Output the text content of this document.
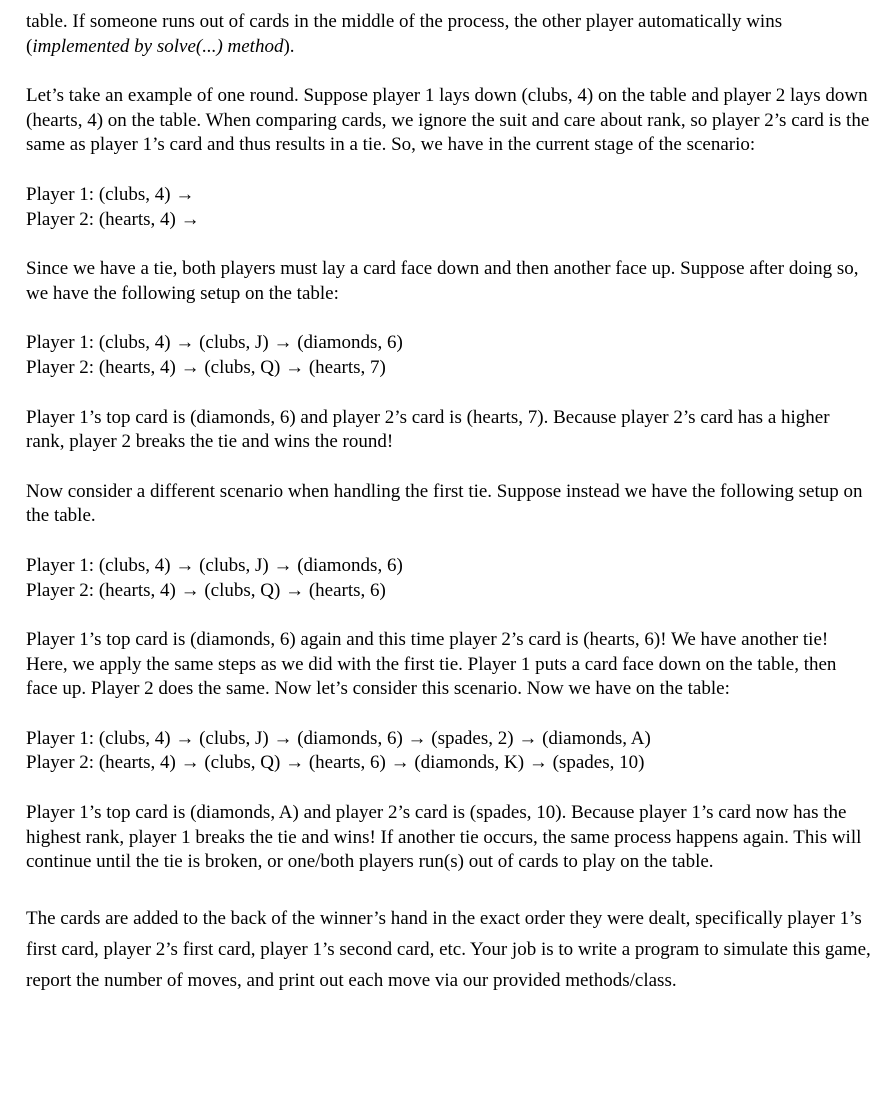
table. If someone runs out of cards in the middle of the process, the other player automatically wins (implemented by solve(...) method).

Let’s take an example of one round. Suppose player 1 lays down (clubs, 4) on the table and player 2 lays down (hearts, 4) on the table. When comparing cards, we ignore the suit and care about rank, so player 2’s card is the same as player 1’s card and thus results in a tie. So, we have in the current stage of the scenario:

Player 1: (clubs, 4) →
Player 2: (hearts, 4) →

Since we have a tie, both players must lay a card face down and then another face up. Suppose after doing so, we have the following setup on the table:

Player 1: (clubs, 4) → (clubs, J) → (diamonds, 6)
Player 2: (hearts, 4) → (clubs, Q) → (hearts, 7)

Player 1’s top card is (diamonds, 6) and player 2’s card is (hearts, 7). Because player 2’s card has a higher rank, player 2 breaks the tie and wins the round!

Now consider a different scenario when handling the first tie. Suppose instead we have the following setup on the table.

Player 1: (clubs, 4) → (clubs, J) → (diamonds, 6)
Player 2: (hearts, 4) → (clubs, Q) → (hearts, 6)

Player 1’s top card is (diamonds, 6) again and this time player 2’s card is (hearts, 6)! We have another tie! Here, we apply the same steps as we did with the first tie. Player 1 puts a card face down on the table, then face up. Player 2 does the same. Now let’s consider this scenario. Now we have on the table:

Player 1: (clubs, 4) → (clubs, J) → (diamonds, 6) → (spades, 2) → (diamonds, A)
Player 2: (hearts, 4) → (clubs, Q) → (hearts, 6) → (diamonds, K) → (spades, 10)

Player 1’s top card is (diamonds, A) and player 2’s card is (spades, 10). Because player 1’s card now has the highest rank, player 1 breaks the tie and wins! If another tie occurs, the same process happens again. This will continue until the tie is broken, or one/both players run(s) out of cards to play on the table.

The cards are added to the back of the winner’s hand in the exact order they were dealt, specifically player 1’s first card, player 2’s first card, player 1’s second card, etc. Your job is to write a program to simulate this game, report the number of moves, and print out each move via our provided methods/class.
